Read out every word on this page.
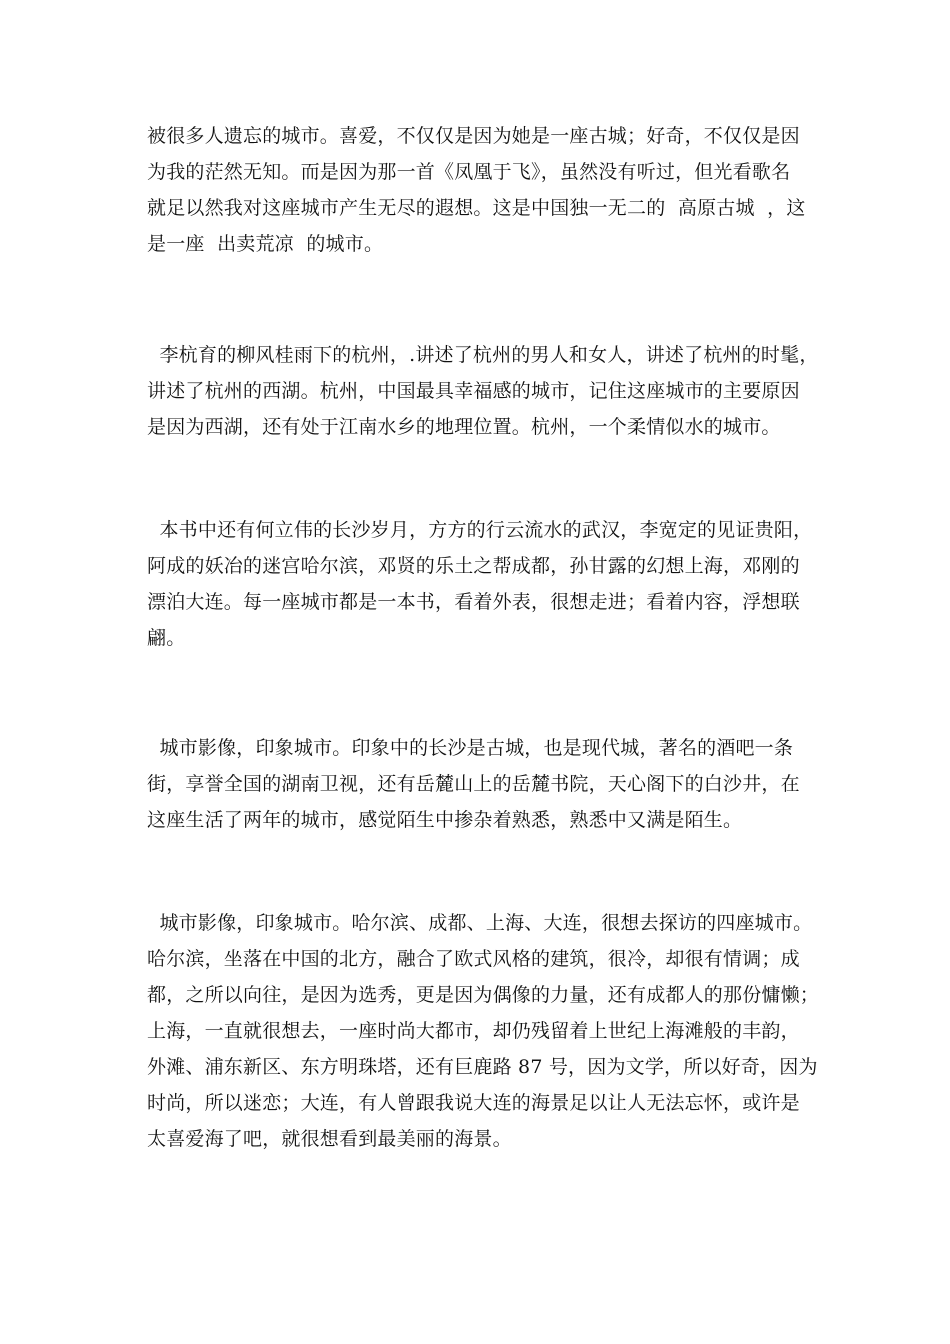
被很多人遗忘的城市。喜爱，不仅仅是因为她是一座古城；好奇，不仅仅是因
为我的茫然无知。而是因为那一首《凤凰于飞》，虽然没有听过，但光看歌名
就足以然我对这座城市产生无尽的遐想。这是中国独一无二的  高原古城  ，这
是一座  出卖荒凉  的城市。
李杭育的柳风桂雨下的杭州，.讲述了杭州的男人和女人，讲述了杭州的时髦，
讲述了杭州的西湖。杭州，中国最具幸福感的城市，记住这座城市的主要原因
是因为西湖，还有处于江南水乡的地理位置。杭州，一个柔情似水的城市。
本书中还有何立伟的长沙岁月，方方的行云流水的武汉，李宽定的见证贵阳，
阿成的妖冶的迷宫哈尔滨，邓贤的乐土之帮成都，孙甘露的幻想上海，邓刚的
漂泊大连。每一座城市都是一本书，看着外表，很想走进；看着内容，浮想联
翩。
城市影像，印象城市。印象中的长沙是古城，也是现代城，著名的酒吧一条
街，享誉全国的湖南卫视，还有岳麓山上的岳麓书院，天心阁下的白沙井，在
这座生活了两年的城市，感觉陌生中掺杂着熟悉，熟悉中又满是陌生。
城市影像，印象城市。哈尔滨、成都、上海、大连，很想去探访的四座城市。
哈尔滨，坐落在中国的北方，融合了欧式风格的建筑，很冷，却很有情调；成
都，之所以向往，是因为选秀，更是因为偶像的力量，还有成都人的那份慵懒；
上海，一直就很想去，一座时尚大都市，却仍残留着上世纪上海滩般的丰韵，
外滩、浦东新区、东方明珠塔，还有巨鹿路 87 号，因为文学，所以好奇，因为
时尚，所以迷恋；大连，有人曾跟我说大连的海景足以让人无法忘怀，或许是
太喜爱海了吧，就很想看到最美丽的海景。
